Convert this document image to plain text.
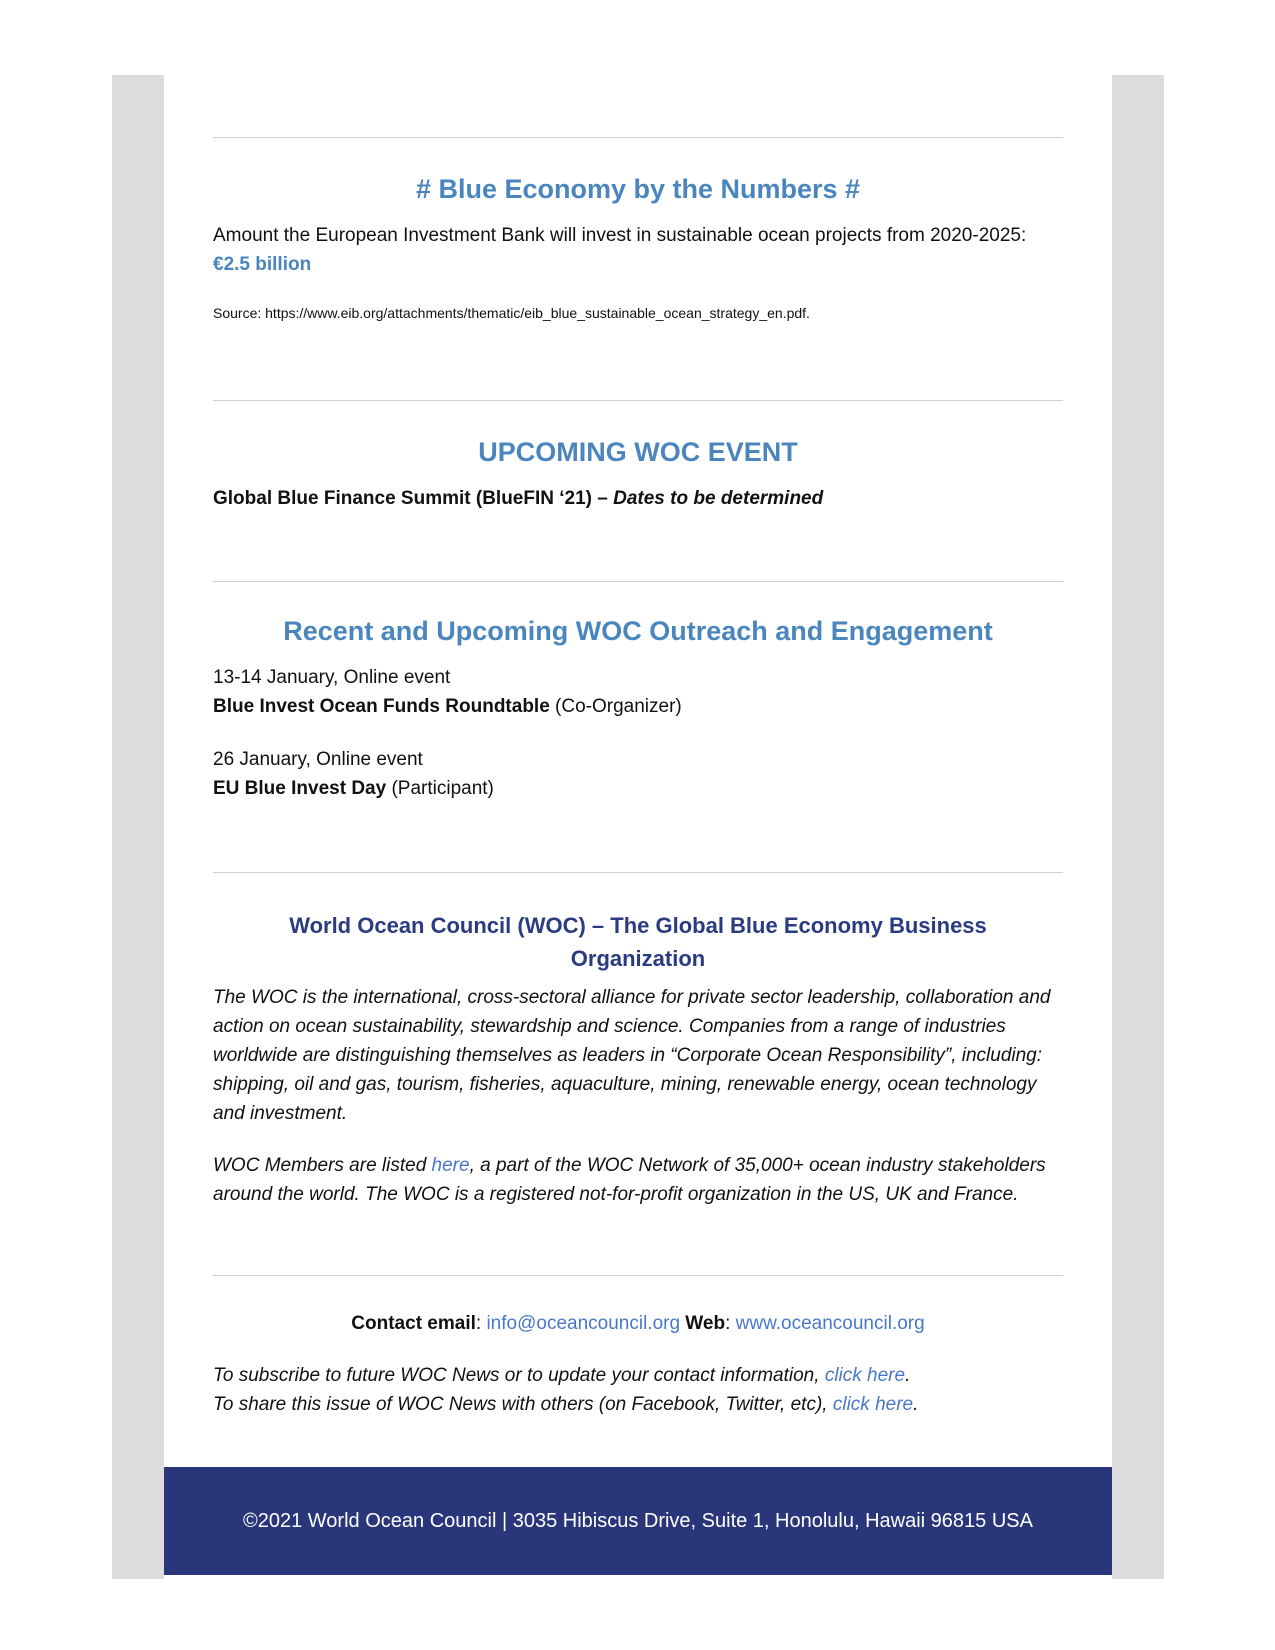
# Blue Economy by the Numbers #

Amount the European Investment Bank will invest in sustainable ocean projects from 2020-2025:
€2.5 billion

Source: https://www.eib.org/attachments/thematic/eib_blue_sustainable_ocean_strategy_en.pdf.

UPCOMING WOC EVENT

Global Blue Finance Summit (BlueFIN ‘21) – Dates to be determined

Recent and Upcoming WOC Outreach and Engagement

13-14 January, Online event
Blue Invest Ocean Funds Roundtable (Co-Organizer)

26 January, Online event
EU Blue Invest Day (Participant)

World Ocean Council (WOC) – The Global Blue Economy Business
Organization

The WOC is the international, cross-sectoral alliance for private sector leadership, collaboration and action on ocean sustainability, stewardship and science. Companies from a range of industries worldwide are distinguishing themselves as leaders in “Corporate Ocean Responsibility”, including: shipping, oil and gas, tourism, fisheries, aquaculture, mining, renewable energy, ocean technology and investment.

WOC Members are listed here, a part of the WOC Network of 35,000+ ocean industry stakeholders around the world. The WOC is a registered not-for-profit organization in the US, UK and France.

Contact email: info@oceancouncil.org Web: www.oceancouncil.org

To subscribe to future WOC News or to update your contact information, click here.
To share this issue of WOC News with others (on Facebook, Twitter, etc), click here.

©2021 World Ocean Council | 3035 Hibiscus Drive, Suite 1, Honolulu, Hawaii 96815 USA
